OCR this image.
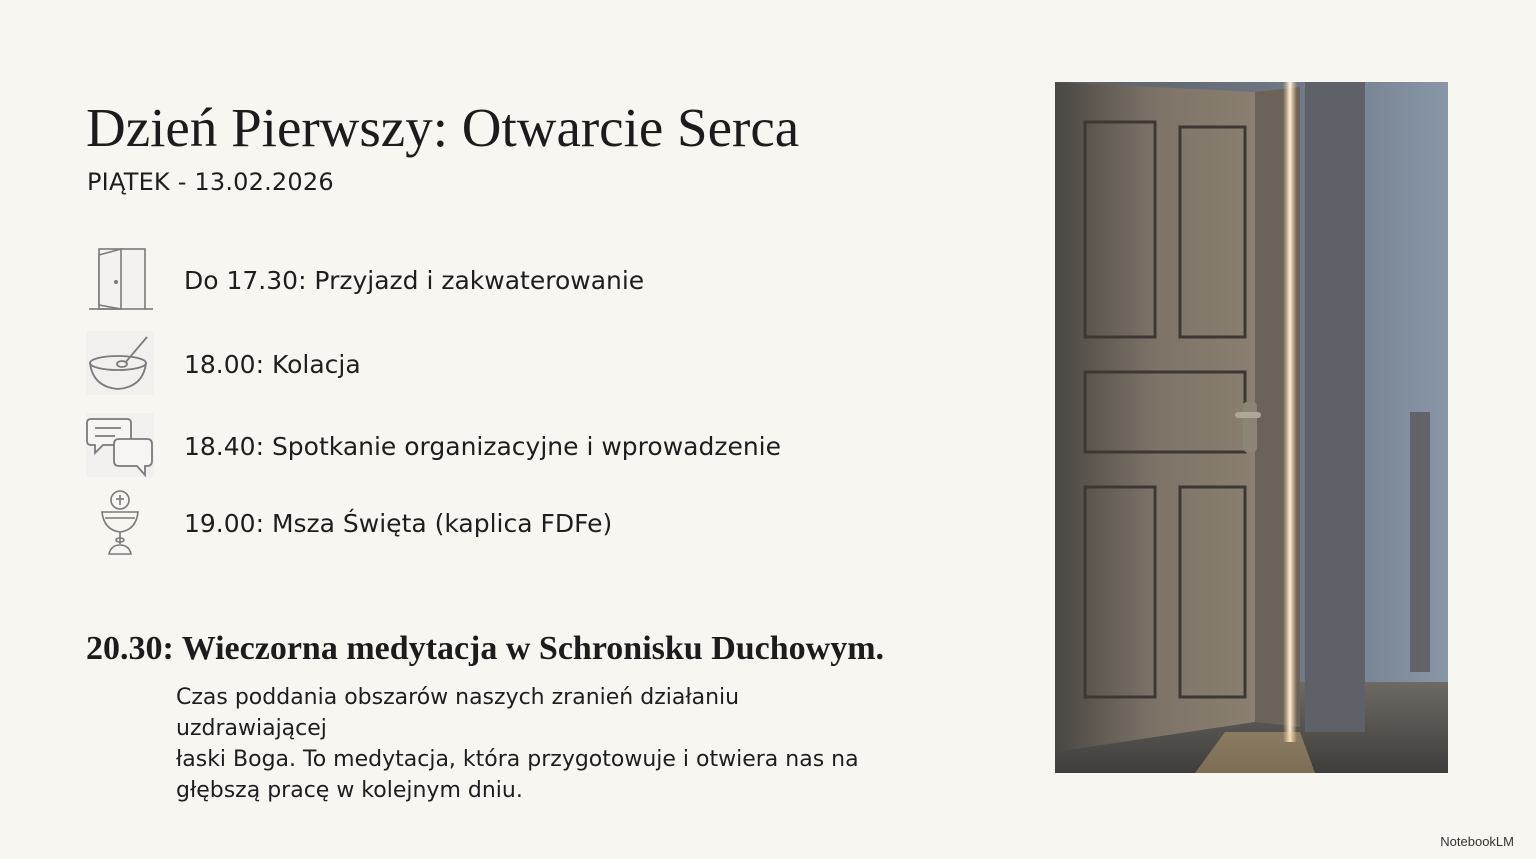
Dzień Pierwszy: Otwarcie Serca
PIĄTEK - 13.02.2026
Do 17.30: Przyjazd i zakwaterowanie
18.00: Kolacja
18.40: Spotkanie organizacyjne i wprowadzenie
19.00: Msza Święta (kaplica FDFe)
20.30: Wieczorna medytacja w Schronisku Duchowym.
Czas poddania obszarów naszych zranień działaniu uzdrawiającej
łaski Boga. To medytacja, która przygotowuje i otwiera nas na
głębszą pracę w kolejnym dniu.
NotebookLM
